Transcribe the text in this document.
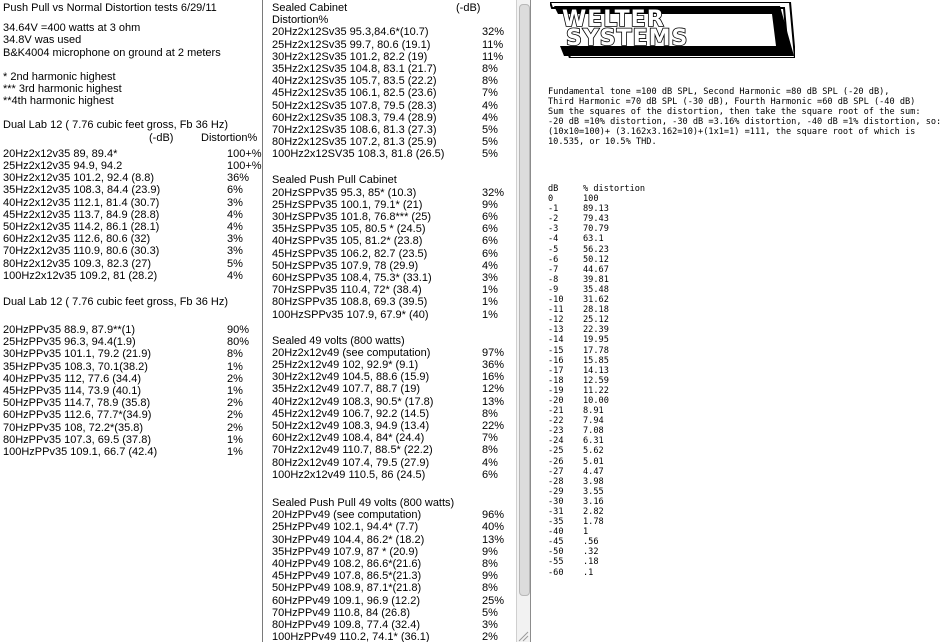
Push Pull vs Normal Distortion tests 6/29/11
34.64V =400 watts at 3 ohm
34.8V was used
B&K4004 microphone on ground at 2 meters
* 2nd harmonic highest
*** 3rd harmonic highest
**4th harmonic highest
Dual Lab 12 ( 7.76 cubic feet gross, Fb 36 Hz)
(-dB)	Distortion%
20Hz2x12v35 89, 89.4*	100+%
25Hz2x12v35 94.9, 94.2	100+%
30Hz2x12v35 101.2, 92.4 (8.8)	36%
35Hz2x12v35 108.3, 84.4 (23.9)	6%
40Hz2x12v35 112.1, 81.4 (30.7)	3%
45Hz2x12v35 113.7, 84.9 (28.8)	4%
50Hz2x12v35 114.2, 86.1 (28.1)	4%
60Hz2x12v35 112.6, 80.6 (32)	3%
70Hz2x12v35 110.9, 80.6 (30.3)	3%
80Hz2x12v35 109.3, 82.3 (27)	5%
100Hz2x12v35 109.2, 81 (28.2)	4%
Dual Lab 12 ( 7.76 cubic feet gross, Fb 36 Hz)
20HzPPv35 88.9, 87.9**(1)	90%
25HzPPv35 96.3, 94.4(1.9)	80%
30HzPPv35 101.1, 79.2 (21.9)	8%
35HzPPv35 108.3, 70.1(38.2)	1%
40HzPPv35 112, 77.6 (34.4)	2%
45HzPPv35 114, 73.9 (40.1)	1%
50HzPPv35 114.7, 78.9 (35.8)	2%
60HzPPv35 112.6, 77.7*(34.9)	2%
70HzPPv35 108, 72.2*(35.8)	2%
80HzPPv35 107.3, 69.5 (37.8)	1%
100HzPPv35 109.1, 66.7 (42.4)	1%
Sealed Cabinet	(-dB)
Distortion%
20Hz2x12Sv35 95.3,84.6*(10.7)	32%
25Hz2x12Sv35 99.7, 80.6 (19.1)	11%
30Hz2x12Sv35 101.2, 82.2 (19)	11%
35Hz2x12Sv35 104.8, 83.1 (21.7)	8%
40Hz2x12Sv35 105.7, 83.5 (22.2)	8%
45Hz2x12Sv35 106.1, 82.5 (23.6)	7%
50Hz2x12Sv35 107.8, 79.5 (28.3)	4%
60Hz2x12Sv35 108.3, 79.4 (28.9)	4%
70Hz2x12Sv35 108.6, 81.3 (27.3)	5%
80Hz2x12Sv35 107.2, 81.3 (25.9)	5%
100Hz2x12SV35 108.3, 81.8 (26.5)	5%
Sealed Push Pull Cabinet
20HzSPPv35 95.3, 85* (10.3)	32%
25HzSPPv35 100.1, 79.1* (21)	9%
30HzSPPv35 101.8, 76.8*** (25)	6%
35HzSPPv35 105, 80.5 * (24.5)	6%
40HzSPPv35 105, 81.2* (23.8)	6%
45HzSPPv35 106.2, 82.7 (23.5)	6%
50HzSPPv35 107.9, 78 (29.9)	4%
60HzSPPv35 108.4, 75.3* (33.1)	3%
70HzSPPv35 110.4, 72* (38.4)	1%
80HzSPPv35 108.8, 69.3 (39.5)	1%
100HzSPPv35 107.9, 67.9* (40)	1%
Sealed 49 volts (800 watts)
20Hz2x12v49 (see computation)	97%
25Hz2x12v49 102, 92.9* (9.1)	36%
30Hz2x12v49 104.5, 88.6 (15.9)	16%
35Hz2x12v49 107.7, 88.7 (19)	12%
40Hz2x12v49 108.3, 90.5* (17.8)	13%
45Hz2x12v49 106.7, 92.2 (14.5)	8%
50Hz2x12v49 108.3, 94.9 (13.4)	22%
60Hz2x12v49 108.4, 84* (24.4)	7%
70Hz2x12v49 110.7, 88.5* (22.2)	8%
80Hz2x12v49 107.4, 79.5 (27.9)	4%
100Hz2x12v49 110.5, 86 (24.5)	6%
Sealed Push Pull 49 volts (800 watts)
20HzPPv49 (see computation)	96%
25HzPPv49 102.1, 94.4* (7.7)	40%
30HzPPv49 104.4, 86.2* (18.2)	13%
35HzPPv49 107.9, 87 * (20.9)	9%
40HzPPv49 108.2, 86.6*(21.6)	8%
45HzPPv49 107.8, 86.5*(21.3)	9%
50HzPPv49 108.9, 87.1*(21.8)	8%
60HzPPv49 109.1, 96.9 (12.2)	25%
70HzPPv49 110.8, 84 (26.8)	5%
80HzPPv49 109.8, 77.4 (32.4)	3%
100HzPPv49 110.2, 74.1* (36.1)	2%
WELTER
SYSTEMS
Fundamental tone =100 dB SPL, Second Harmonic =80 dB SPL (-20 dB),
Third Harmonic =70 dB SPL (-30 dB), Fourth Harmonic =60 dB SPL (-40 dB)
Sum the squares of the distortion, then take the square root of the sum:
-20 dB =10% distortion, -30 dB =3.16% distortion, -40 dB =1% distortion, so:
(10x10=100)+ (3.162x3.162=10)+(1x1=1) =111, the square root of which is
10.535, or 10.5% THD.
dB	% distortion
0	100
-1	89.13
-2	79.43
-3	70.79
-4	63.1
-5	56.23
-6	50.12
-7	44.67
-8	39.81
-9	35.48
-10	31.62
-11	28.18
-12	25.12
-13	22.39
-14	19.95
-15	17.78
-16	15.85
-17	14.13
-18	12.59
-19	11.22
-20	10.00
-21	8.91
-22	7.94
-23	7.08
-24	6.31
-25	5.62
-26	5.01
-27	4.47
-28	3.98
-29	3.55
-30	3.16
-31	2.82
-35	1.78
-40	1
-45	.56
-50	.32
-55	.18
-60	.1
